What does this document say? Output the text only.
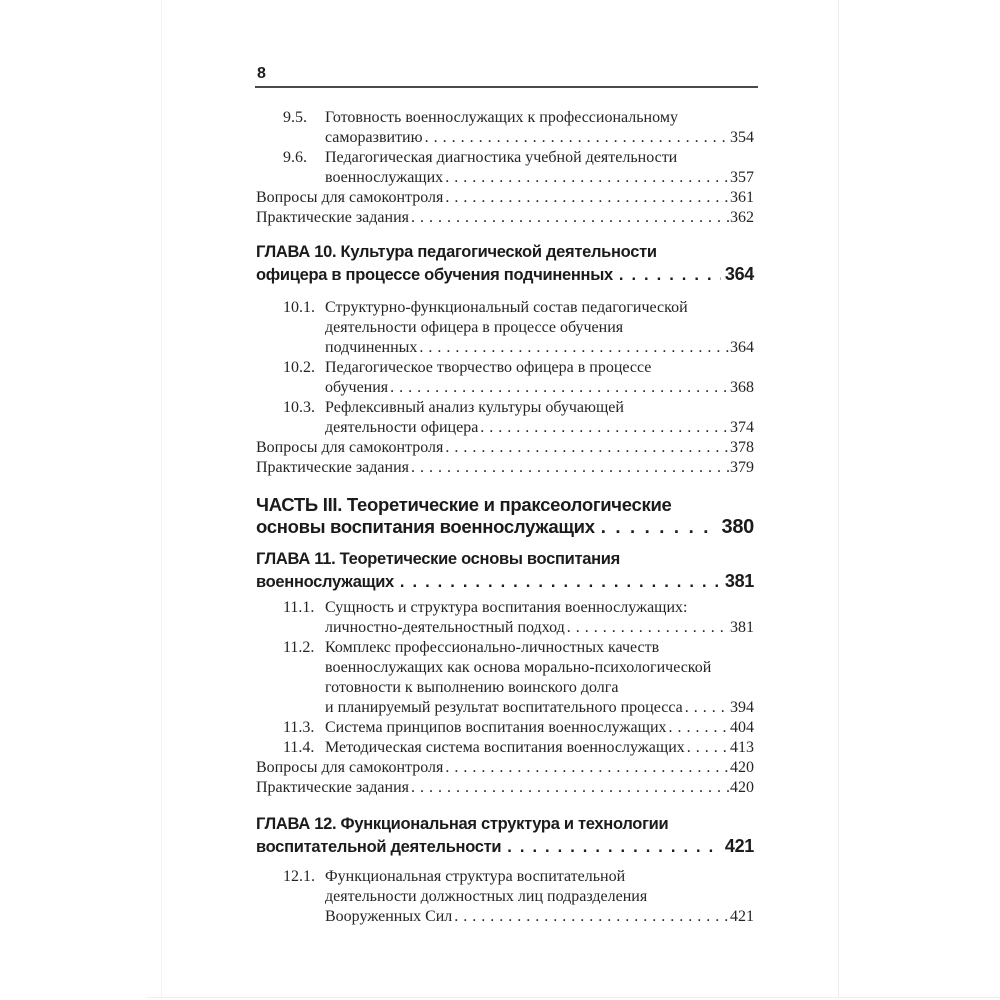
8
9.5.	Готовность военнослужащих к профессиональному
саморазвитию .....	354
9.6.	Педагогическая диагностика учебной деятельности
военнослужащих .....	357
Вопросы для самоконтроля .....	361
Практические задания .....	362
ГЛАВА 10. Культура педагогической деятельности
офицера в процессе обучения подчиненных .....	364
10.1. Структурно-функциональный состав педагогической
деятельности офицера в процессе обучения
подчиненных .....	364
10.2. Педагогическое творчество офицера в процессе
обучения .....	368
10.3. Рефлексивный анализ культуры обучающей
деятельности офицера .....	374
Вопросы для самоконтроля .....	378
Практические задания .....	379
ЧАСТЬ III. Теоретические и праксеологические
основы воспитания военнослужащих .....	380
ГЛАВА 11. Теоретические основы воспитания
военнослужащих .....	381
11.1. Сущность и структура воспитания военнослужащих:
личностно-деятельностный подход .....	381
11.2. Комплекс профессионально-личностных качеств
военнослужащих как основа морально-психологической
готовности к выполнению воинского долга
и планируемый результат воспитательного процесса .....	394
11.3. Система принципов воспитания военнослужащих .....	404
11.4. Методическая система воспитания военнослужащих .....	413
Вопросы для самоконтроля .....	420
Практические задания .....	420
ГЛАВА 12. Функциональная структура и технологии
воспитательной деятельности .....	421
12.1. Функциональная структура воспитательной
деятельности должностных лиц подразделения
Вооруженных Сил .....	421
